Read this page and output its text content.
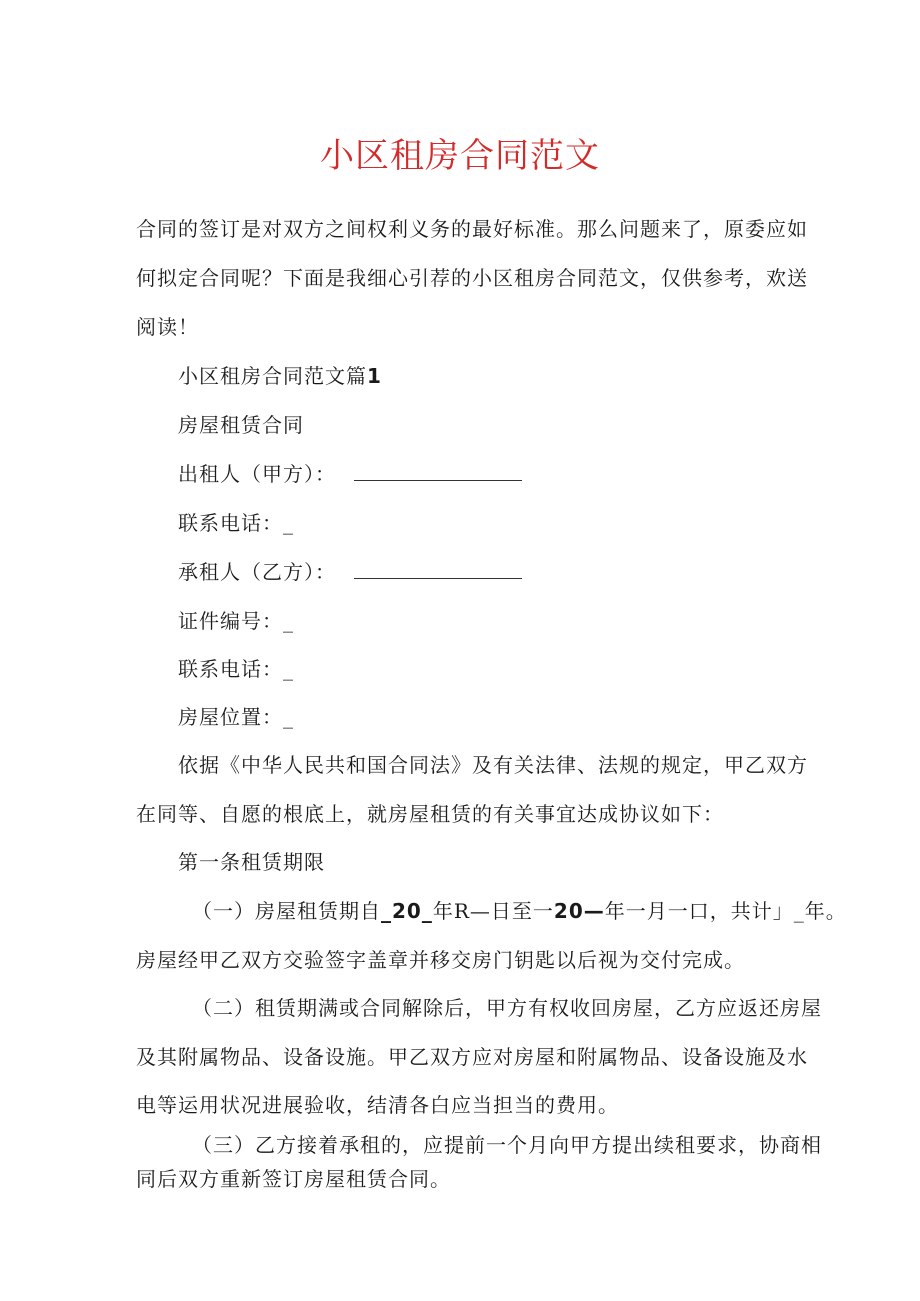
小区租房合同范文
合同的签订是对双方之间权利义务的最好标准。那么问题来了，原委应如
何拟定合同呢？下面是我细心引荐的小区租房合同范文，仅供参考，欢送
阅读！
小区租房合同范文篇1
房屋租赁合同
出租人（甲方）：
联系电话：_
承租人（乙方）：
证件编号：_
联系电话：_
房屋位置：_
依据《中华人民共和国合同法》及有关法律、法规的规定，甲乙双方
在同等、自愿的根底上，就房屋租赁的有关事宜达成协议如下：
第一条租赁期限
（一）房屋租赁期自_20_年R—日至一20—年一月一口，共计」_年。
房屋经甲乙双方交验签字盖章并移交房门钥匙以后视为交付完成。
（二）租赁期满或合同解除后，甲方有权收回房屋，乙方应返还房屋
及其附属物品、设备设施。甲乙双方应对房屋和附属物品、设备设施及水
电等运用状况进展验收，结清各白应当担当的费用。
（三）乙方接着承租的，应提前一个月向甲方提出续租要求，协商相
同后双方重新签订房屋租赁合同。
